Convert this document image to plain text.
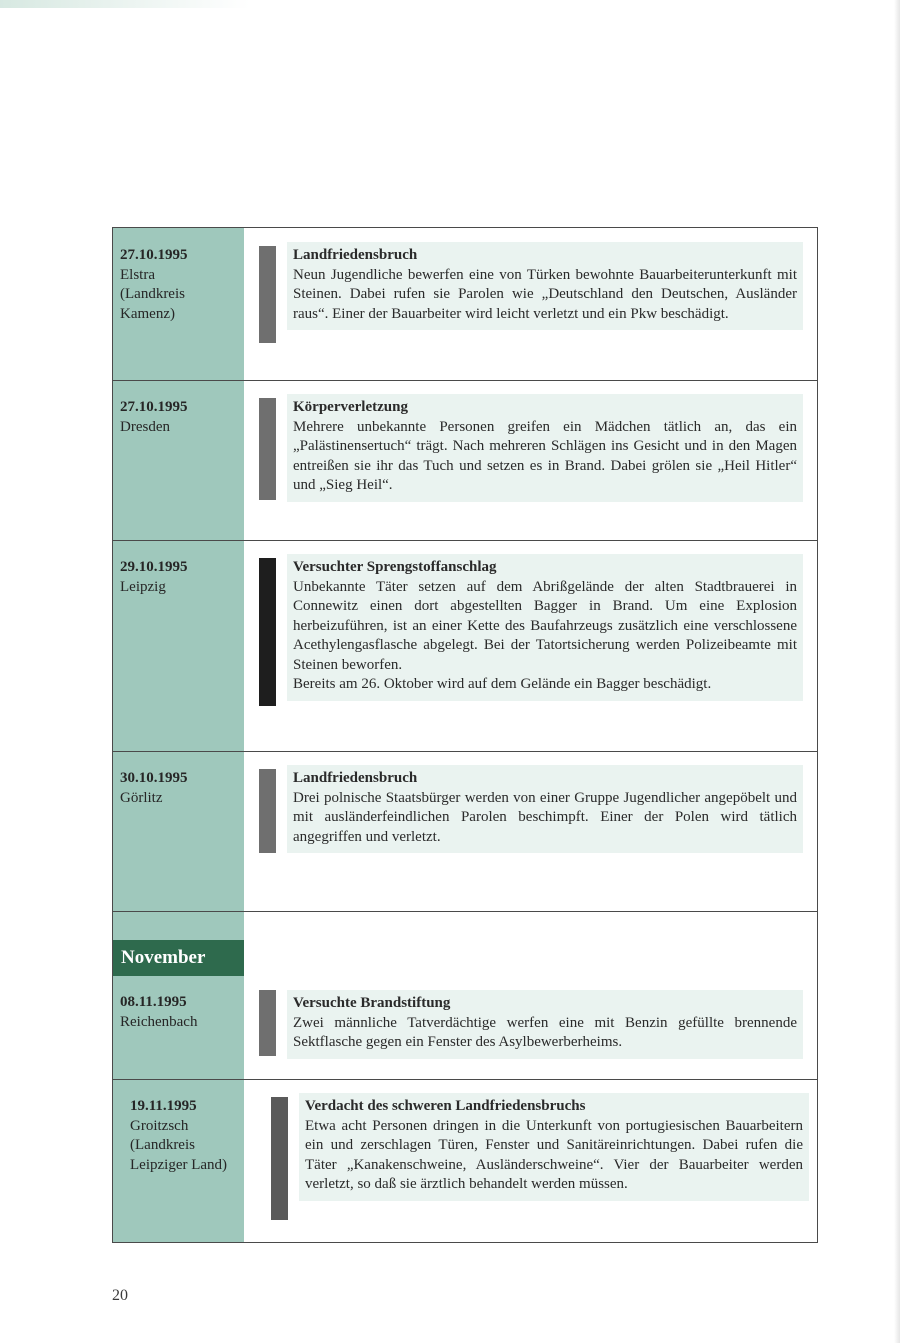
27.10.1995
Elstra
(Landkreis
Kamenz)
Landfriedensbruch
Neun Jugendliche bewerfen eine von Türken bewohnte Bauarbeiterunterkunft mit Steinen. Dabei rufen sie Parolen wie „Deutschland den Deutschen, Ausländer raus“. Einer der Bauarbeiter wird leicht verletzt und ein Pkw beschädigt.
27.10.1995
Dresden
Körperverletzung
Mehrere unbekannte Personen greifen ein Mädchen tätlich an, das ein „Palästinensertuch“ trägt. Nach mehreren Schlägen ins Gesicht und in den Magen entreißen sie ihr das Tuch und setzen es in Brand. Dabei grölen sie „Heil Hitler“ und „Sieg Heil“.
29.10.1995
Leipzig
Versuchter Sprengstoffanschlag
Unbekannte Täter setzen auf dem Abrißgelände der alten Stadtbrauerei in Connewitz einen dort abgestellten Bagger in Brand. Um eine Explosion herbeizuführen, ist an einer Kette des Baufahrzeugs zusätzlich eine verschlossene Acethylengasflasche abgelegt. Bei der Tatortsicherung werden Polizeibeamte mit Steinen beworfen.
Bereits am 26. Oktober wird auf dem Gelände ein Bagger beschädigt.
30.10.1995
Görlitz
Landfriedensbruch
Drei polnische Staatsbürger werden von einer Gruppe Jugendlicher angepöbelt und mit ausländerfeindlichen Parolen beschimpft. Einer der Polen wird tätlich angegriffen und verletzt.
November
08.11.1995
Reichenbach
Versuchte Brandstiftung
Zwei männliche Tatverdächtige werfen eine mit Benzin gefüllte brennende Sektflasche gegen ein Fenster des Asylbewerberheims.
19.11.1995
Groitzsch
(Landkreis
Leipziger Land)
Verdacht des schweren Landfriedensbruchs
Etwa acht Personen dringen in die Unterkunft von portugiesischen Bauarbeitern ein und zerschlagen Türen, Fenster und Sanitäreinrichtungen. Dabei rufen die Täter „Kanakenschweine, Ausländerschweine“. Vier der Bauarbeiter werden verletzt, so daß sie ärztlich behandelt werden müssen.
20
